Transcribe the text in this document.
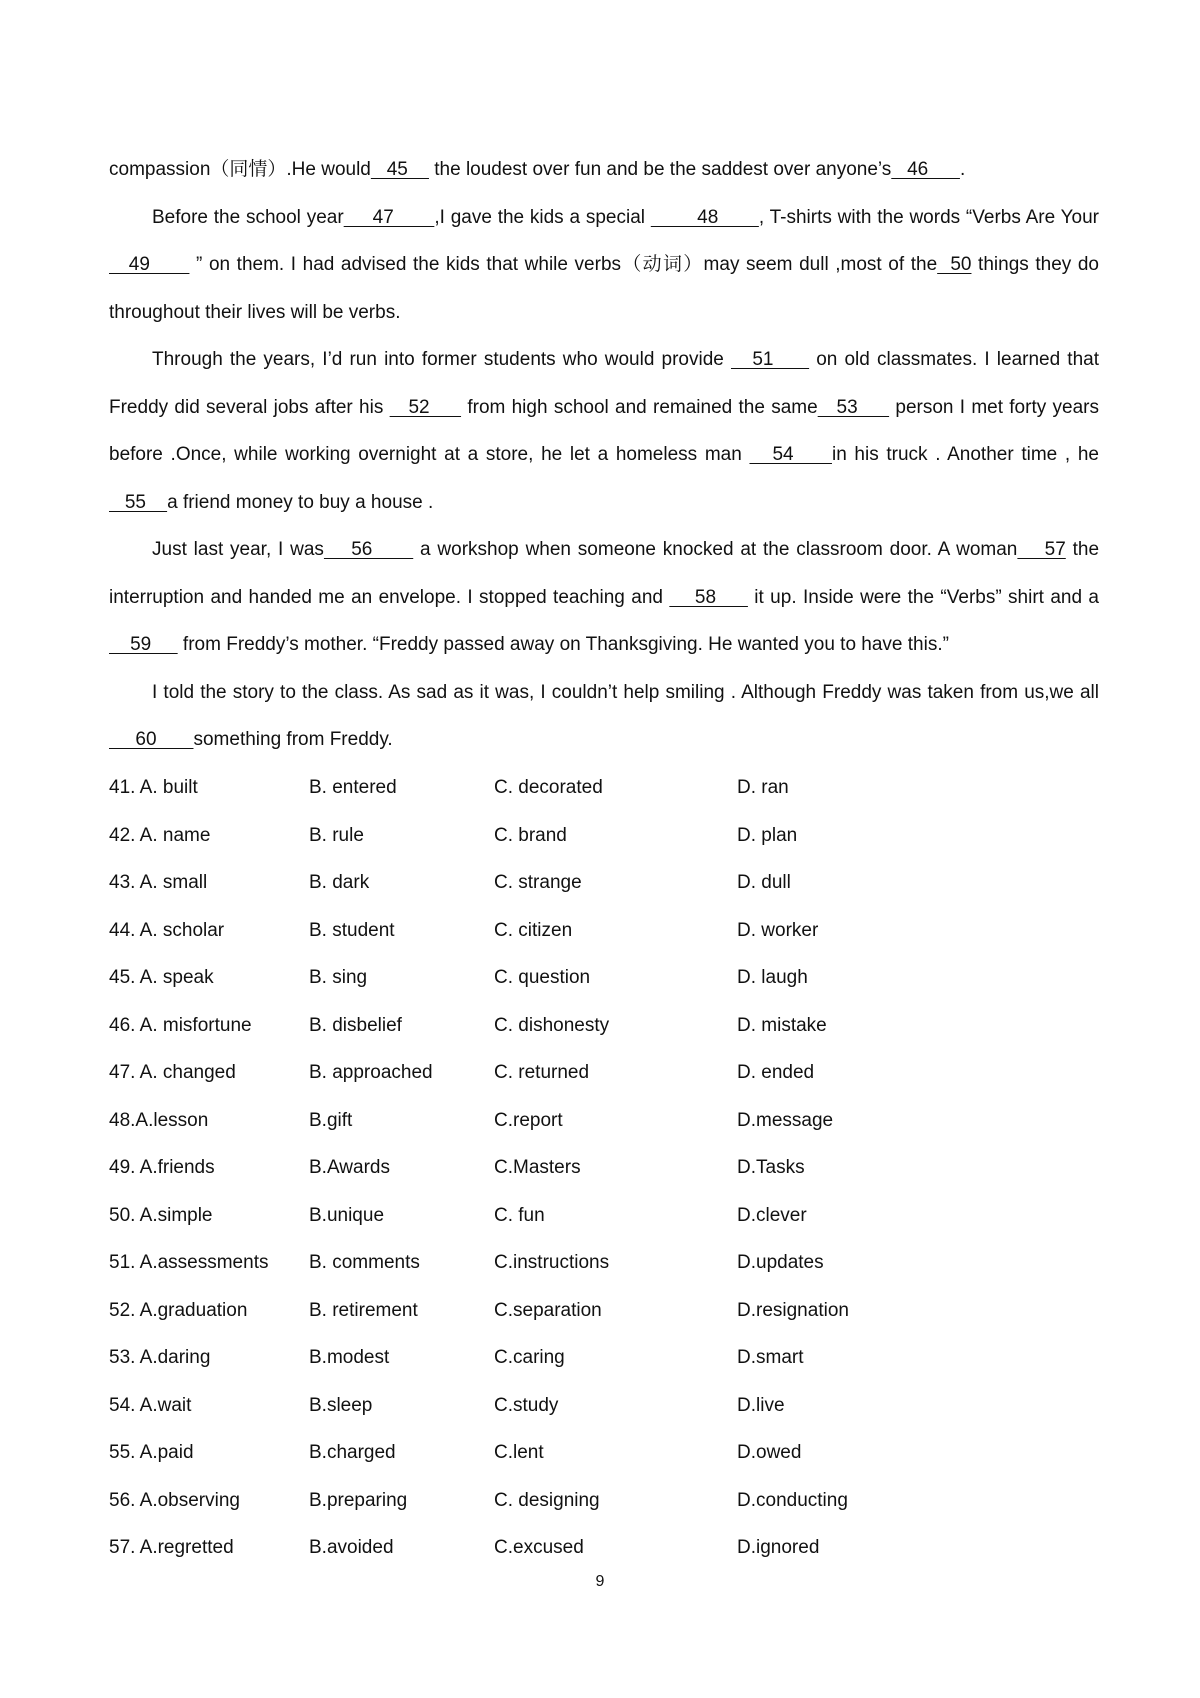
compassion（同情）.He would   45     the loudest over fun and be the saddest over anyone’s   46      .

Before the school year     47       ,I gave the kids a special         48       , T-shirts with the words “Verbs Are Your   49       ” on them. I had advised the kids that while verbs（动词）may seem dull ,most of the  50 things they do throughout their lives will be verbs.

Through the years, I’d run into former students who would provide    51      on old classmates. I learned that Freddy did several jobs after his    52      from high school and remained the same   53      person I met forty years before .Once, while working overnight at a store, he let a homeless man    54     in his truck . Another time , he    55    a friend money to buy a house .

Just last year, I was    56       a workshop when someone knocked at the classroom door. A woman    57 the interruption and handed me an envelope. I stopped teaching and     58      it up. Inside were the “Verbs” shirt and a     59      from Freddy’s mother. “Freddy passed away on Thanksgiving. He wanted you to have this.”

I told the story to the class. As sad as it was, I couldn’t help smiling . Although Freddy was taken from us,we all     60       something from Freddy.

41. A. built	B. entered	C. decorated	D. ran
42. A. name	B. rule	C. brand	D. plan
43. A. small	B. dark	C. strange	D. dull
44. A. scholar	B. student	C. citizen	D. worker
45. A. speak	B. sing	C. question	D. laugh
46. A. misfortune	B. disbelief	C. dishonesty	D. mistake
47. A. changed	B. approached	C. returned	D. ended
48.A.lesson	B.gift	C.report	D.message
49. A.friends	B.Awards	C.Masters	D.Tasks
50. A.simple	B.unique	C. fun	D.clever
51. A.assessments B. comments	C.instructions	D.updates
52. A.graduation	B. retirement	C.separation	D.resignation
53. A.daring	B.modest	C.caring	D.smart
54. A.wait	B.sleep	C.study	D.live
55. A.paid	B.charged	C.lent	D.owed
56. A.observing	B.preparing	C. designing	D.conducting
57. A.regretted	B.avoided	C.excused	D.ignored
9
